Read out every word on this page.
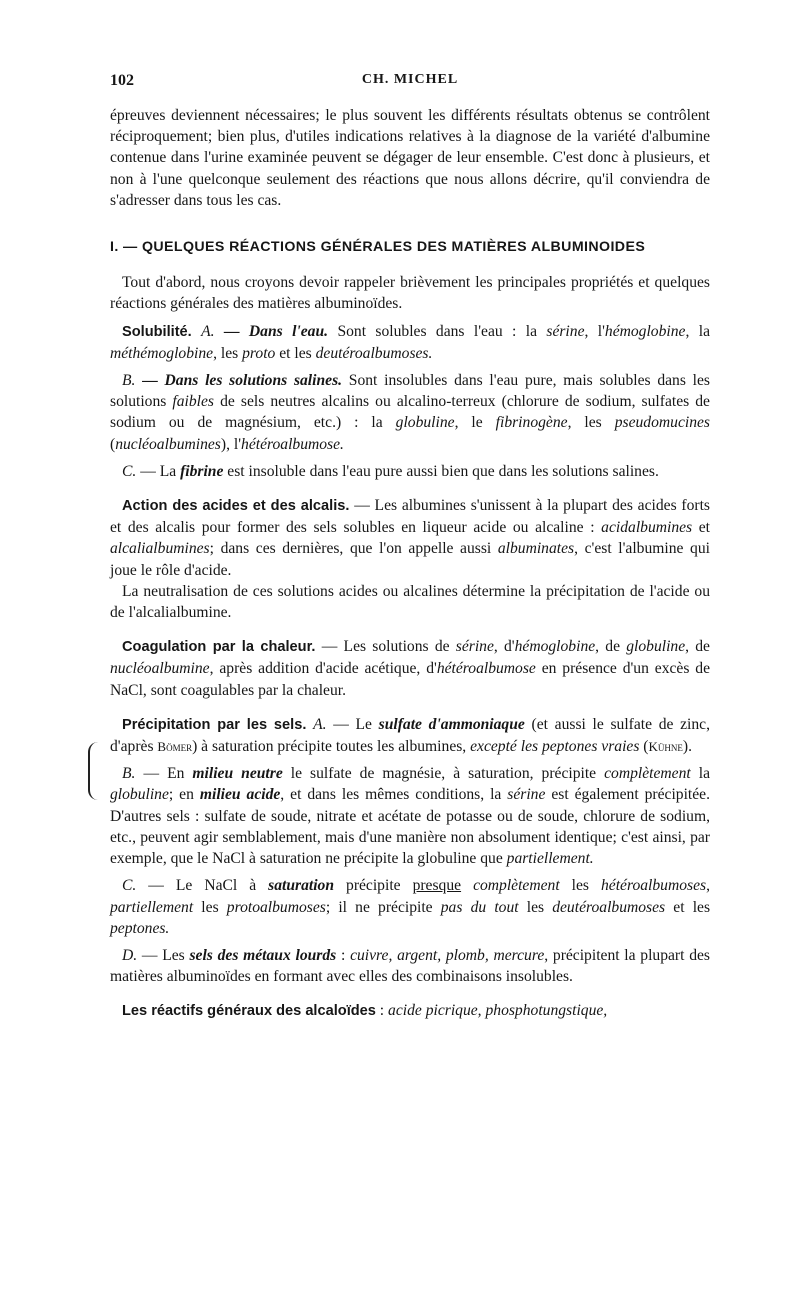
102	CH. MICHEL

épreuves deviennent nécessaires; le plus souvent les différents résultats obtenus se contrôlent réciproquement; bien plus, d'utiles indications relatives à la diagnose de la variété d'albumine contenue dans l'urine examinée peuvent se dégager de leur ensemble. C'est donc à plusieurs, et non à l'une quelconque seulement des réactions que nous allons décrire, qu'il conviendra de s'adresser dans tous les cas.

I. — QUELQUES RÉACTIONS GÉNÉRALES DES MATIÈRES ALBUMINOIDES

Tout d'abord, nous croyons devoir rappeler brièvement les principales propriétés et quelques réactions générales des matières albuminoïdes.

Solubilité. A. — Dans l'eau. Sont solubles dans l'eau : la sérine, l'hémoglobine, la méthémoglobine, les proto et les deutéroalbumoses.

B. — Dans les solutions salines. Sont insolubles dans l'eau pure, mais solubles dans les solutions faibles de sels neutres alcalins ou alcalino-terreux (chlorure de sodium, sulfates de sodium ou de magnésium, etc.) : la globuline, le fibrinogène, les pseudomucines (nucléoalbumines), l'hétéroalbumose.

C. — La fibrine est insoluble dans l'eau pure aussi bien que dans les solutions salines.

Action des acides et des alcalis. — Les albumines s'unissent à la plupart des acides forts et des alcalis pour former des sels solubles en liqueur acide ou alcaline : acidalbumines et alcalialbumines; dans ces dernières, que l'on appelle aussi albuminates, c'est l'albumine qui joue le rôle d'acide.

La neutralisation de ces solutions acides ou alcalines détermine la précipitation de l'acide ou de l'alcalialbumine.

Coagulation par la chaleur. — Les solutions de sérine, d'hémoglobine, de globuline, de nucléoalbumine, après addition d'acide acétique, d'hétéroalbumose en présence d'un excès de NaCl, sont coagulables par la chaleur.

Précipitation par les sels. A. — Le sulfate d'ammoniaque (et aussi le sulfate de zinc, d'après Bömer) à saturation précipite toutes les albumines, excepté les peptones vraies (Kühne).

B. — En milieu neutre le sulfate de magnésie, à saturation, précipite complètement la globuline; en milieu acide, et dans les mêmes conditions, la sérine est également précipitée. D'autres sels : sulfate de soude, nitrate et acétate de potasse ou de soude, chlorure de sodium, etc., peuvent agir semblablement, mais d'une manière non absolument identique; c'est ainsi, par exemple, que le NaCl à saturation ne précipite la globuline que partiellement.

C. — Le NaCl à saturation précipite presque complètement les hétéroalbumoses, partiellement les protoalbumoses; il ne précipite pas du tout les deutéroalbumoses et les peptones.

D. — Les sels des métaux lourds : cuivre, argent, plomb, mercure, précipitent la plupart des matières albuminoïdes en formant avec elles des combinaisons insolubles.

Les réactifs généraux des alcaloïdes : acide picrique, phosphotungstique,
